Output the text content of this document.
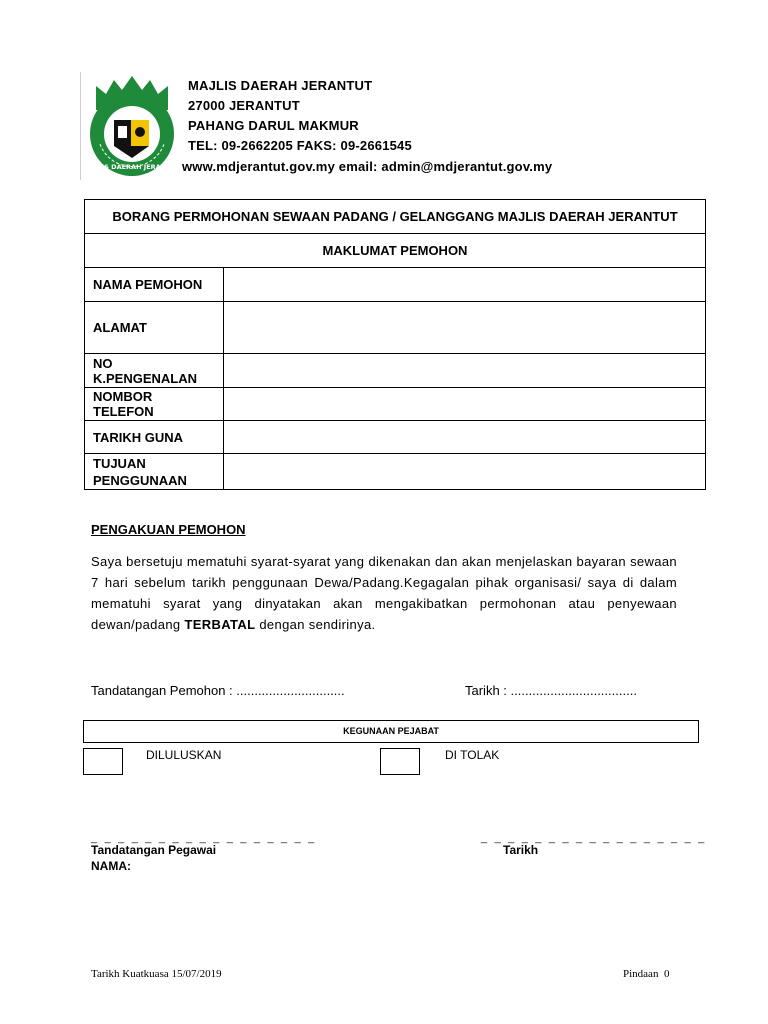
MAJLIS DAERAH JERANTUT
MAJLIS DAERAH JERANTUT
27000 JERANTUT
PAHANG DARUL MAKMUR
TEL: 09-2662205 FAKS: 09-2661545
www.mdjerantut.gov.my email: admin@mdjerantut.gov.my
BORANG PERMOHONAN SEWAAN PADANG / GELANGGANG MAJLIS DAERAH JERANTUT	
MAKLUMAT PEMOHON	
NAMA PEMOHON	
ALAMAT	
NO K.PENGENALAN	
NOMBOR TELEFON	
TARIKH GUNA	
TUJUAN PENGGUNAAN	
PENGAKUAN PEMOHON
Saya bersetuju mematuhi syarat-syarat yang dikenakan dan akan menjelaskan bayaran sewaan 7 hari sebelum tarikh penggunaan Dewa/Padang.Kegagalan pihak organisasi/ saya di dalam mematuhi syarat yang dinyatakan akan mengakibatkan permohonan atau penyewaan dewan/padang TERBATAL dengan sendirinya.
Tandatangan Pemohon : ..............................	Tarikh : ...................................
KEGUNAAN PEJABAT
DILULUSKAN	DI TOLAK
_ _ _ _ _ _ _ _ _ _ _ _ _ _ _ _ _	_ _ _ _ _ _ _ _ _ _ _ _ _ _ _ _ _
Tandatangan Pegawai
NAMA:
Tarikh
Tarikh Kuatkuasa 15/07/2019	Pindaan  0
